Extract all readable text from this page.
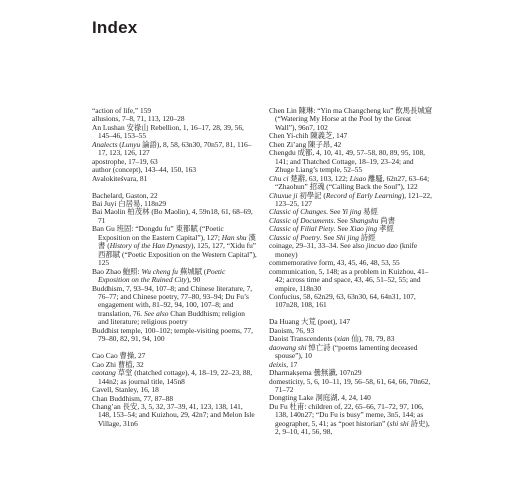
Index

“action of life,” 159

allusions, 7–8, 71, 113, 120–28

An Lushan 安祿山 Rebellion, 1, 16–17, 28, 39, 56, 145–46, 153–55

Analects (Lunyu 論語), 8, 58, 63n30, 70n57, 81, 116–17, 123, 126, 127

apostrophe, 17–19, 63

author (concept), 143–44, 150, 163

Avalokiteśvara, 81

Bachelard, Gaston, 22

Bai Juyi 白居易, 118n29

Bai Maolin 柏茂林 (Bo Maolin), 4, 59n18, 61, 68–69, 71

Ban Gu 班固: “Dongdu fu” 東都賦 (“Poetic Exposition on the Eastern Capital”), 127; Han shu 漢書 (History of the Han Dynasty), 125, 127, “Xidu fu” 西都賦 (“Poetic Exposition on the Western Capital”), 125

Bao Zhao 鮑照: Wu cheng fu 蕪城賦 (Poetic Exposition on the Ruined City), 90

Buddhism, 7, 93–94, 107–8; and Chinese literature, 7, 76–77; and Chinese poetry, 77–80, 93–94; Du Fu’s engagement with, 81–92, 94, 100, 107–8; and translation, 76. See also Chan Buddhism; religion and literature; religious poetry

Buddhist temple, 100–102; temple-visiting poems, 77, 79–80, 82, 91, 94, 100

Cao Cao 曹操, 27

Cao Zhi 曹植, 32

caotang 草堂 (thatched cottage), 4, 18–19, 22–23, 88, 144n2; as journal title, 145n8

Cavell, Stanley, 16, 18

Chan Buddhism, 77, 87–88

Chang’an 長安, 3, 5, 32, 37–39, 41, 123, 138, 141, 148, 153–54; and Kuizhou, 29, 42n7; and Melon Isle Village, 31n6

Chen Lin 陳琳: “Yin ma Changcheng ku” 飲馬長城窟 (“Watering My Horse at the Pool by the Great Wall”), 96n7, 102

Chen Yi-chih 陳義芝, 147

Chen Zi’ang 陳子昂, 42

Chengdu 成都, 4, 10, 41, 49, 57–58, 80, 89, 95, 108, 141; and Thatched Cottage, 18–19, 23–24; and Zhuge Liang’s temple, 52–55

Chu ci 楚辭, 63, 103, 122; Lisao 離騷, 62n27, 63–64; “Zhaohun” 招魂 (“Calling Back the Soul”), 122

Chuxue ji 初學記 (Record of Early Learning), 121–22, 123–25, 127

Classic of Changes. See Yi jing 易經

Classic of Documents. See Shangshu 尚書

Classic of Filial Piety. See Xiao jing 孝經

Classic of Poetry. See Shi jing 詩經

coinage, 29–31, 33–34. See also jincuo dao (knife money)

commemorative form, 43, 45, 46, 48, 53, 55

communication, 5, 148; as a problem in Kuizhou, 41–42; across time and space, 43, 46, 51–52, 55; and empire, 118n30

Confucius, 58, 62n29, 63, 63n30, 64, 64n31, 107, 107n28, 108, 161

Da Huang 大荒 (poet), 147

Daoism, 76, 93

Daoist Transcendents (xian 仙), 78, 79, 83

daowang shi 悼亡詩 (“poems lamenting deceased spouse”), 10

deixis, 17

Dharmakṣema 曇無讖, 107n29

domesticity, 5, 6, 10–11, 19, 56–58, 61, 64, 66, 70n62, 71–72

Dongting Lake 洞庭湖, 4, 24, 140

Du Fu 杜甫: children of, 22, 65–66, 71–72, 97, 106, 138, 140n27; “Du Fu is busy” meme, 3n5, 144; as geographer, 5, 41; as “poet historian” (shi shi 詩史), 2, 9–10, 41, 56, 98,
